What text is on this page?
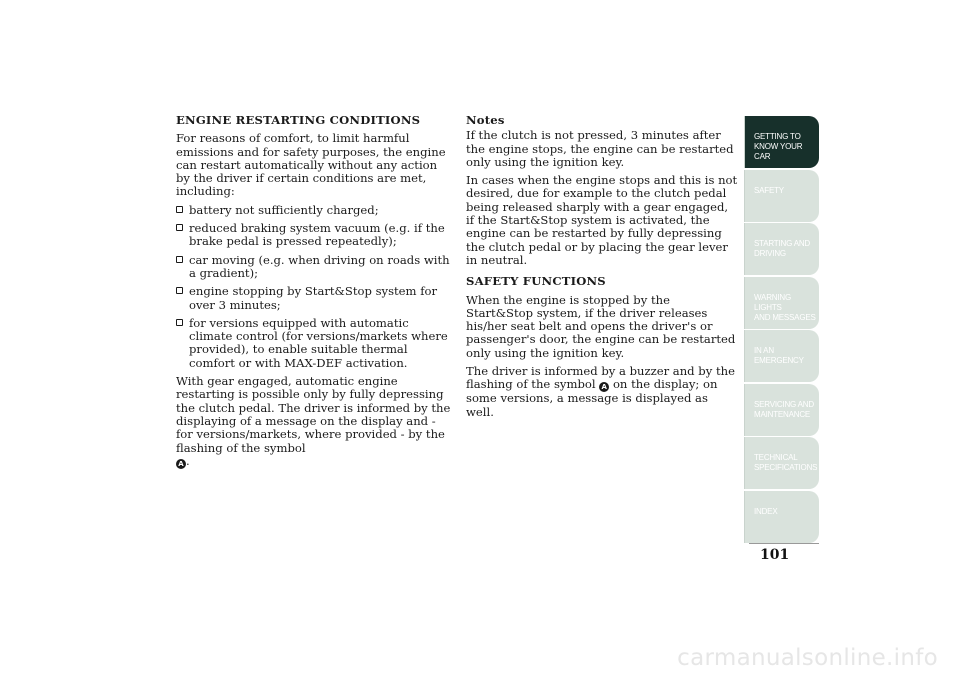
ENGINE RESTARTING CONDITIONS

For reasons of comfort, to limit harmful emissions and for safety purposes, the engine can restart automatically without any action by the driver if certain conditions are met, including:

battery not sufficiently charged;
reduced braking system vacuum (e.g. if the brake pedal is pressed repeatedly);
car moving (e.g. when driving on roads with a gradient);
engine stopping by Start&Stop system for over 3 minutes;
for versions equipped with automatic climate control (for versions/markets where provided), to enable suitable thermal comfort or with MAX-DEF activation.

With gear engaged, automatic engine restarting is possible only by fully depressing the clutch pedal. The driver is informed by the displaying of a message on the display and - for versions/markets, where provided - by the flashing of the symbol
A .

Notes

If the clutch is not pressed, 3 minutes after the engine stops, the engine can be restarted only using the ignition key.

In cases when the engine stops and this is not desired, due for example to the clutch pedal being released sharply with a gear engaged, if the Start&Stop system is activated, the engine can be restarted by fully depressing the clutch pedal or by placing the gear lever in neutral.

SAFETY FUNCTIONS

When the engine is stopped by the Start&Stop system, if the driver releases his/her seat belt and opens the driver's or passenger's door, the engine can be restarted only using the ignition key.

The driver is informed by a buzzer and by the flashing of the symbol A on the display; on some versions, a message is displayed as well.

GETTING TO
KNOW YOUR CAR
SAFETY

STARTING AND
DRIVING
WARNING LIGHTS
AND MESSAGES
IN AN EMERGENCY

SERVICING AND
MAINTENANCE
TECHNICAL
SPECIFICATIONS
INDEX

101
carmanualsonline.info
